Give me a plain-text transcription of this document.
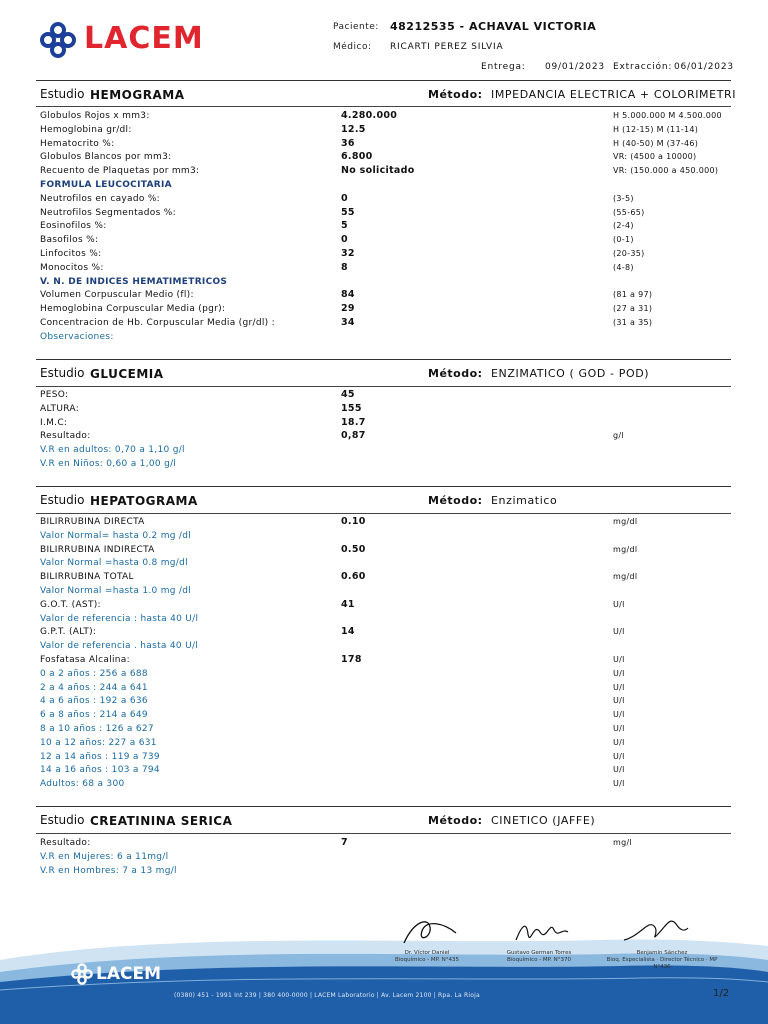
LACEM	Paciente: 48212535 - ACHAVAL VICTORIA
Médico: RICARTI PEREZ SILVIA
Entrega: 09/01/2023 Extracción: 06/01/2023
Estudio HEMOGRAMA	Método: IMPEDANCIA ELECTRICA + COLORIMETRI
Globulos Rojos x mm3:	4.280.000	H 5.000.000 M 4.500.000
Hemoglobina gr/dl:	12.5	H (12-15) M (11-14)
Hematocrito %:	36	H (40-50) M (37-46)
Globulos Blancos por mm3:	6.800	VR: (4500 a 10000)
Recuento de Plaquetas por mm3:	No solicitado	VR: (150.000 a 450.000)
FORMULA LEUCOCITARIA
Neutrofilos en cayado %:	0	(3-5)
Neutrofilos Segmentados %:	55	(55-65)
Eosinofilos %:	5	(2-4)
Basofilos %:	0	(0-1)
Linfocitos %:	32	(20-35)
Monocitos %:	8	(4-8)
V. N. DE INDICES HEMATIMETRICOS
Volumen Corpuscular Medio (fl):	84	(81 a 97)
Hemoglobina Corpuscular Media (pgr):	29	(27 a 31)
Concentracion de Hb. Corpuscular Media (gr/dl) :	34	(31 a 35)
Observaciones:
Estudio GLUCEMIA	Método: ENZIMATICO ( GOD - POD)
PESO:	45
ALTURA:	155
I.M.C:	18.7
Resultado:	0,87	g/l
V.R en adultos: 0,70 a 1,10 g/l
V.R en Niños: 0,60 a 1,00 g/l
Estudio HEPATOGRAMA	Método: Enzimatico
BILIRRUBINA DIRECTA	0.10	mg/dl
Valor Normal= hasta 0.2 mg /dl
BILIRRUBINA INDIRECTA	0.50	mg/dl
Valor Normal =hasta 0.8 mg/dl
BILIRRUBINA TOTAL	0.60	mg/dl
Valor Normal =hasta 1.0 mg /dl
G.O.T. (AST):	41	U/l
Valor de referencia : hasta 40 U/l
G.P.T. (ALT):	14	U/l
Valor de referencia . hasta 40 U/l
Fosfatasa Alcalina:	178	U/l
0 a 2 años : 256 a 688	U/l
2 a 4 años : 244 a 641	U/l
4 a 6 años : 192 a 636	U/l
6 a 8 años : 214 a 649	U/l
8 a 10 años : 126 a 627	U/l
10 a 12 años: 227 a 631	U/l
12 a 14 años : 119 a 739	U/l
14 a 16 años : 103 a 794	U/l
Adultos: 68 a 300	U/l
Estudio CREATININA SERICA	Método: CINETICO (JAFFE)
Resultado:	7	mg/l
V.R en Mujeres: 6 a 11mg/l
V.R en Hombres: 7 a 13 mg/l
LACEM
Dr. Víctor Daniel
Bioquímico - MP. N°435
Gustavo German Torres
Bioquímico - MP. N°370
Benjamin Sánchez
Bioq. Especialista · Director Técnico · MP N°436
(0380) 451 - 1991 Int 239 | 380 400-0000 | LACEM Laboratorio | Av. Lacem 2100 | Rpa. La Rioja	1/2
